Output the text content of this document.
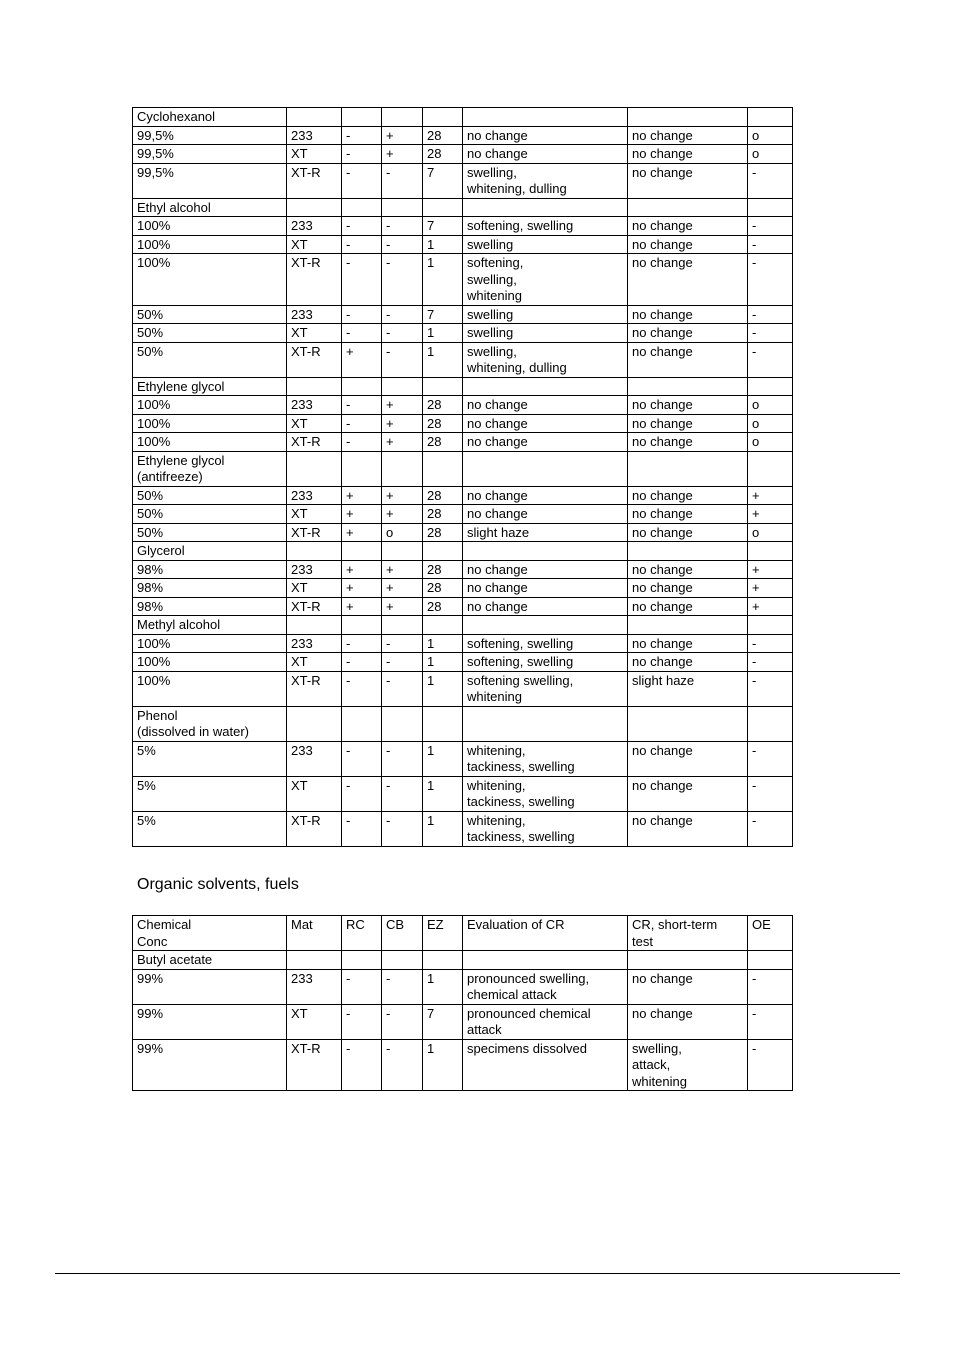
Cyclohexanol							
99,5%	233	-	+	28	no change	no change	o
99,5%	XT	-	+	28	no change	no change	o
99,5%	XT-R	-	-	7	swelling,
whitening, dulling	no change	-
Ethyl alcohol							
100%	233	-	-	7	softening, swelling	no change	-
100%	XT	-	-	1	swelling	no change	-
100%	XT-R	-	-	1	softening,
swelling,
whitening	no change	-
50%	233	-	-	7	swelling	no change	-
50%	XT	-	-	1	swelling	no change	-
50%	XT-R	+	-	1	swelling,
whitening, dulling	no change	-
Ethylene glycol							
100%	233	-	+	28	no change	no change	o
100%	XT	-	+	28	no change	no change	o
100%	XT-R	-	+	28	no change	no change	o
Ethylene glycol
(antifreeze)							
50%	233	+	+	28	no change	no change	+
50%	XT	+	+	28	no change	no change	+
50%	XT-R	+	o	28	slight haze	no change	o
Glycerol							
98%	233	+	+	28	no change	no change	+
98%	XT	+	+	28	no change	no change	+
98%	XT-R	+	+	28	no change	no change	+
Methyl alcohol							
100%	233	-	-	1	softening, swelling	no change	-
100%	XT	-	-	1	softening, swelling	no change	-
100%	XT-R	-	-	1	softening swelling,
whitening	slight haze	-
Phenol
(dissolved in water)							
5%	233	-	-	1	whitening,
tackiness, swelling	no change	-
5%	XT	-	-	1	whitening,
tackiness, swelling	no change	-
5%	XT-R	-	-	1	whitening,
tackiness, swelling	no change	-
Organic solvents, fuels
Chemical
Conc	Mat	RC	CB	EZ	Evaluation of CR	CR, short-term
test	OE
Butyl acetate							
99%	233	-	-	1	pronounced swelling,
chemical attack	no change	-
99%	XT	-	-	7	pronounced chemical
attack	no change	-
99%	XT-R	-	-	1	specimens dissolved	swelling,
attack,
whitening	-
